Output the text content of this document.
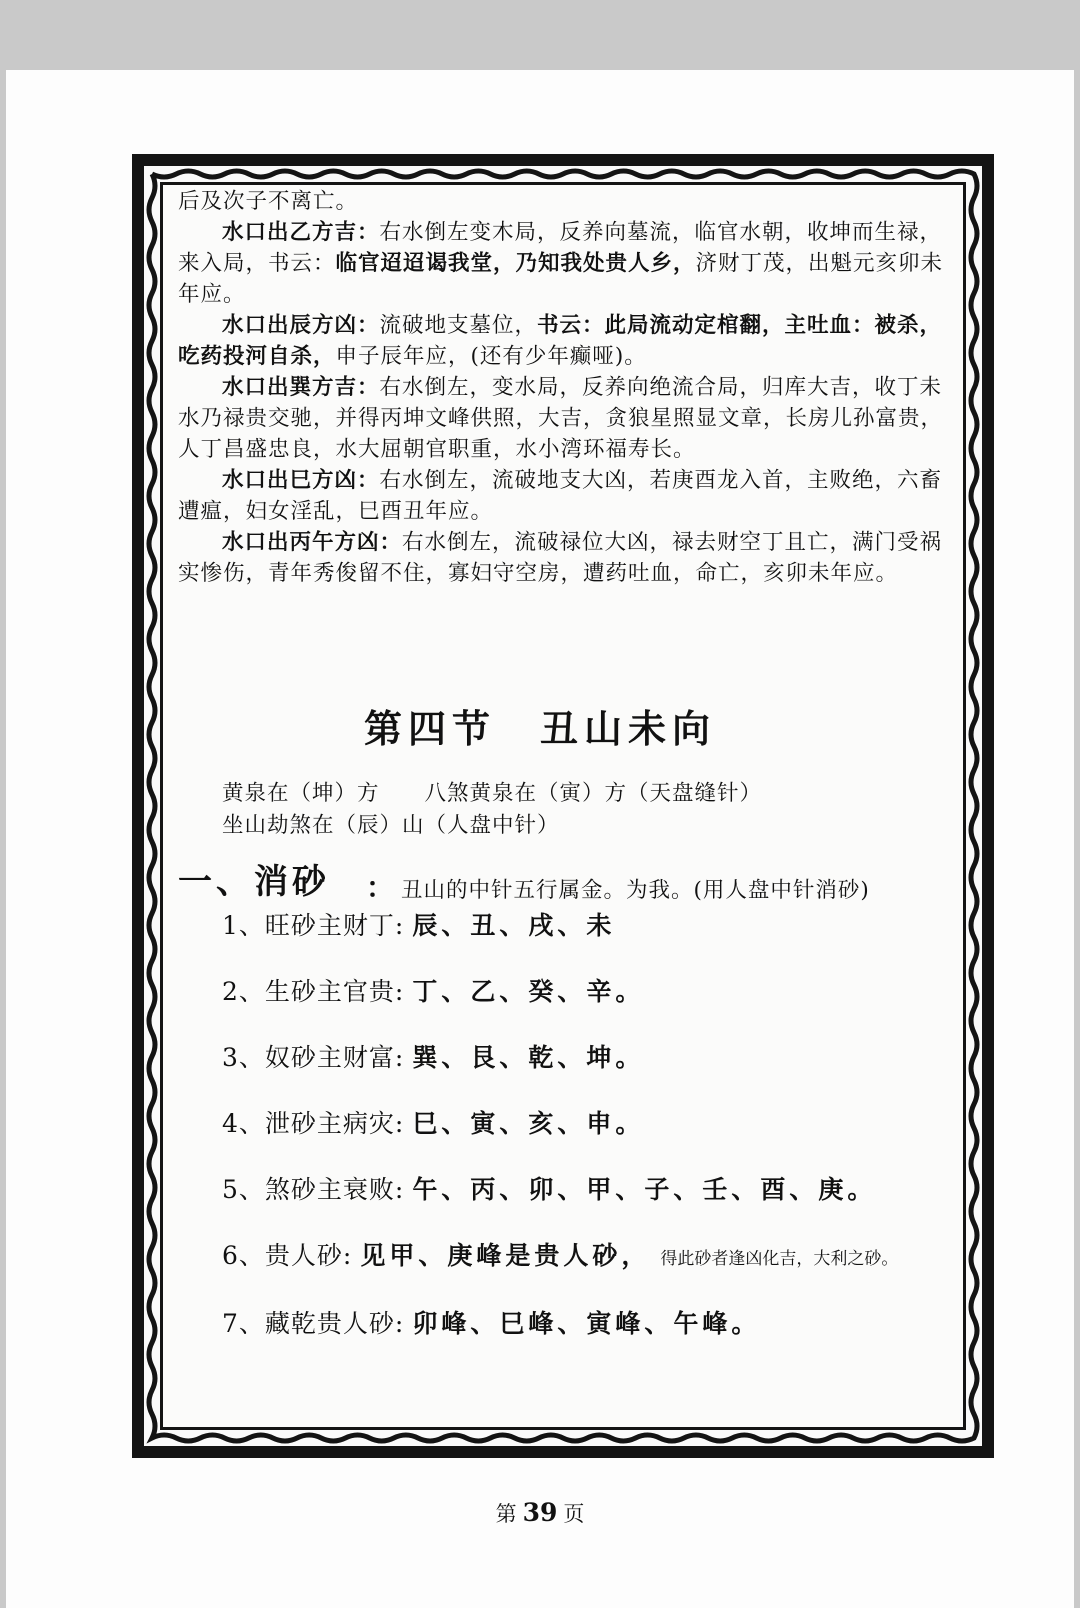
后及次子不离亡。

水口出乙方吉：右水倒左变木局，反养向墓流，临官水朝，收坤而生禄，来入局，书云：临官迢迢谒我堂，乃知我处贵人乡，济财丁茂，出魁元亥卯未年应。

水口出辰方凶：流破地支墓位，书云：此局流动定棺翻，主吐血：被杀，吃药投河自杀，申子辰年应，(还有少年癫哑)。

水口出巽方吉：右水倒左，变水局，反养向绝流合局，归库大吉，收丁未水乃禄贵交驰，并得丙坤文峰供照，大吉，贪狼星照显文章，长房儿孙富贵，人丁昌盛忠良，水大屈朝官职重，水小湾环福寿长。

水口出巳方凶：右水倒左，流破地支大凶，若庚酉龙入首，主败绝，六畜遭瘟，妇女淫乱，巳酉丑年应。

水口出丙午方凶：右水倒左，流破禄位大凶，禄去财空丁且亡，满门受祸实惨伤，青年秀俊留不住，寡妇守空房，遭药吐血，命亡，亥卯未年应。

第四节　丑山未向
黄泉在（坤）方　　八煞黄泉在（寅）方（天盘缝针）
坐山劫煞在（辰）山（人盘中针）
一、消砂 ： 丑山的中针五行属金。为我。(用人盘中针消砂)
1、旺砂主财丁: 辰、丑、戌、未
2、生砂主官贵: 丁、乙、癸、辛。
3、奴砂主财富: 巽、艮、乾、坤。
4、泄砂主病灾: 巳、寅、亥、申。
5、煞砂主衰败: 午、丙、卯、甲、子、壬、酉、庚。
6、贵人砂: 见甲、庚峰是贵人砂， 得此砂者逢凶化吉，大利之砂。
7、藏乾贵人砂: 卯峰、巳峰、寅峰、午峰。
第 39 页
